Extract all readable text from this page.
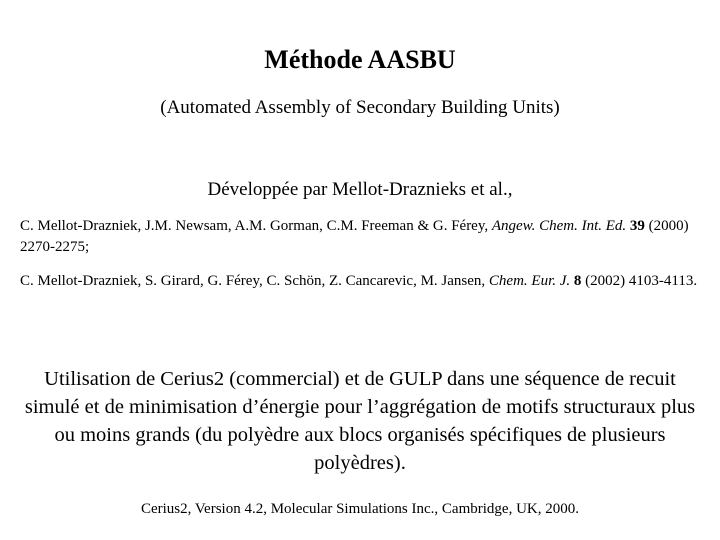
Méthode AASBU
(Automated Assembly of Secondary Building Units)
Développée par Mellot-Draznieks et al.,
C. Mellot-Drazniek, J.M. Newsam, A.M. Gorman, C.M. Freeman & G. Férey, Angew. Chem. Int. Ed. 39 (2000) 2270-2275;
C. Mellot-Drazniek, S. Girard, G. Férey, C. Schön, Z. Cancarevic, M. Jansen, Chem. Eur. J. 8 (2002) 4103-4113.
Utilisation de Cerius2 (commercial) et de GULP dans une séquence de recuit simulé et de minimisation d’énergie pour l’aggrégation de motifs structuraux plus ou moins grands (du polyèdre aux blocs organisés spécifiques de plusieurs polyèdres).
Cerius2, Version 4.2, Molecular Simulations Inc., Cambridge, UK, 2000.
